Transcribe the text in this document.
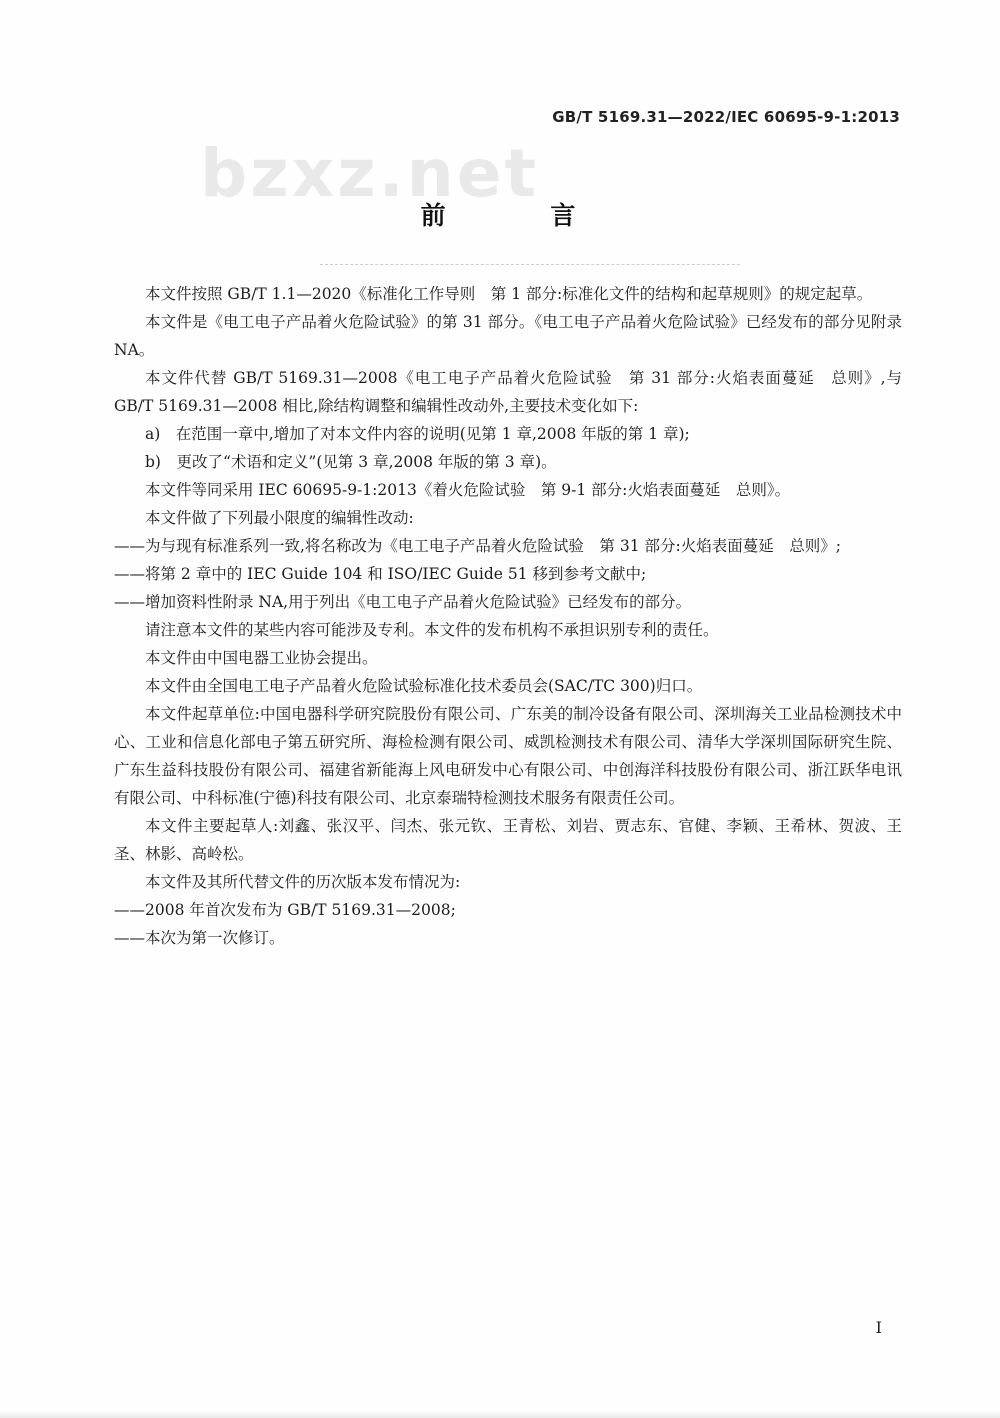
GB/T 5169.31—2022/IEC 60695-9-1:2013
bzxz.net
前 言

本文件按照 GB/T 1.1—2020《标准化工作导则　第 1 部分:标准化文件的结构和起草规则》的规定起草。

本文件是《电工电子产品着火危险试验》的第 31 部分。《电工电子产品着火危险试验》已经发布的部分见附录 NA。

本文件代替 GB/T 5169.31—2008《电工电子产品着火危险试验　第 31 部分:火焰表面蔓延　总则》,与 GB/T 5169.31—2008 相比,除结构调整和编辑性改动外,主要技术变化如下:

a)　在范围一章中,增加了对本文件内容的说明(见第 1 章,2008 年版的第 1 章);

b)　更改了“术语和定义”(见第 3 章,2008 年版的第 3 章)。

本文件等同采用 IEC 60695-9-1:2013《着火危险试验　第 9-1 部分:火焰表面蔓延　总则》。

本文件做了下列最小限度的编辑性改动:

——为与现有标准系列一致,将名称改为《电工电子产品着火危险试验　第 31 部分:火焰表面蔓延　总则》;

——将第 2 章中的 IEC Guide 104 和 ISO/IEC Guide 51 移到参考文献中;

——增加资料性附录 NA,用于列出《电工电子产品着火危险试验》已经发布的部分。

请注意本文件的某些内容可能涉及专利。本文件的发布机构不承担识别专利的责任。

本文件由中国电器工业协会提出。

本文件由全国电工电子产品着火危险试验标准化技术委员会(SAC/TC 300)归口。

本文件起草单位:中国电器科学研究院股份有限公司、广东美的制冷设备有限公司、深圳海关工业品检测技术中心、工业和信息化部电子第五研究所、海检检测有限公司、威凯检测技术有限公司、清华大学深圳国际研究生院、广东生益科技股份有限公司、福建省新能海上风电研发中心有限公司、中创海洋科技股份有限公司、浙江跃华电讯有限公司、中科标准(宁德)科技有限公司、北京泰瑞特检测技术服务有限责任公司。

本文件主要起草人:刘鑫、张汉平、闫杰、张元钦、王青松、刘岩、贾志东、官健、李颖、王希林、贺波、王圣、林影、高岭松。

本文件及其所代替文件的历次版本发布情况为:

——2008 年首次发布为 GB/T 5169.31—2008;

——本次为第一次修订。

I
